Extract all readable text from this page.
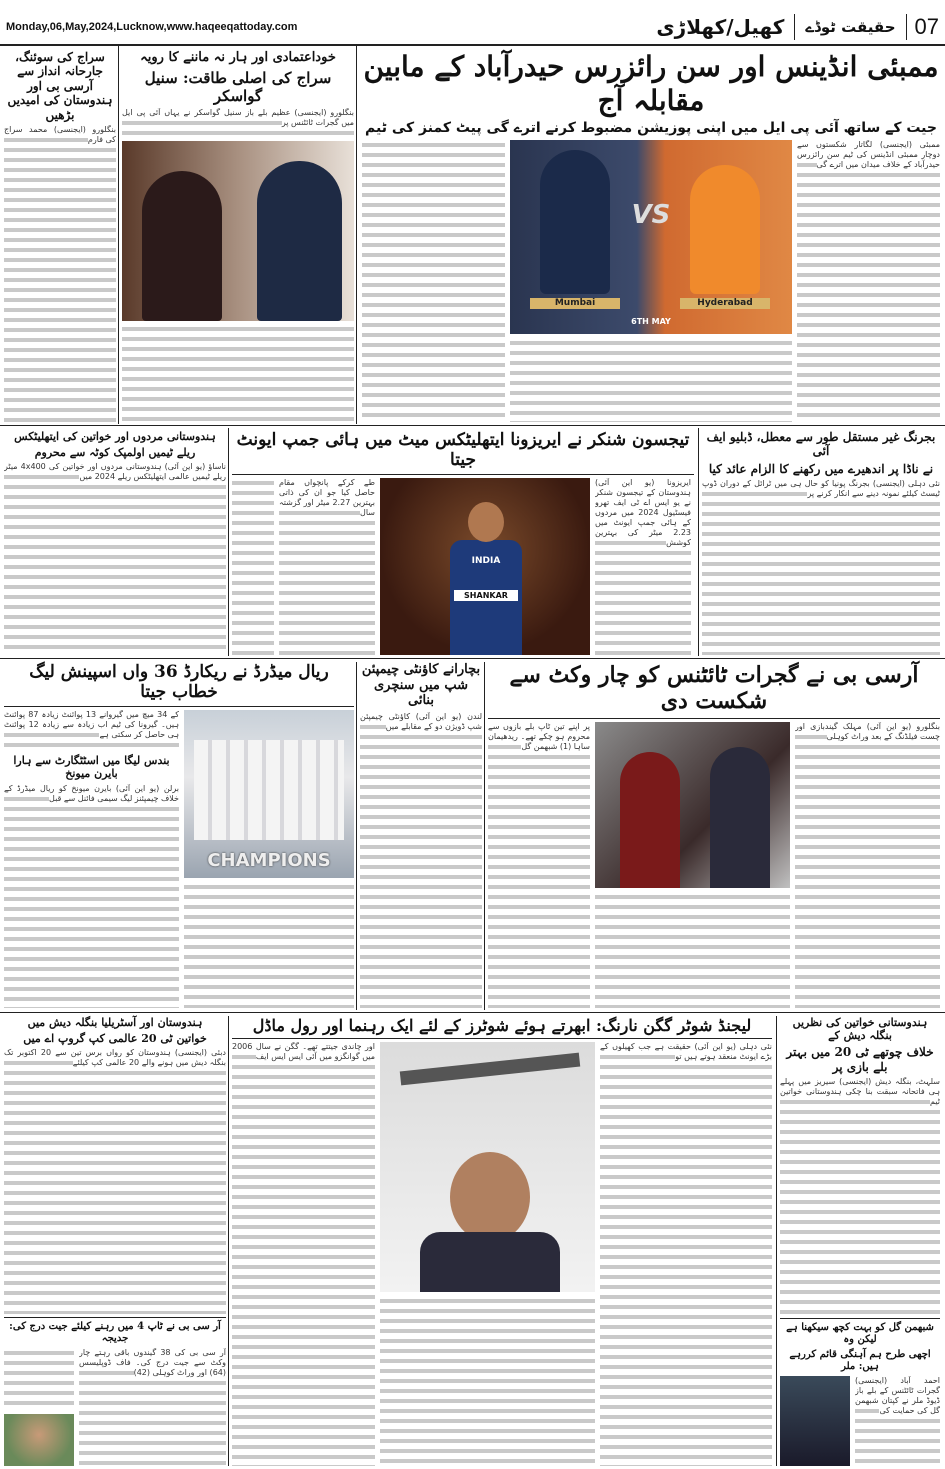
Monday,06,May,2024,Lucknow,www.haqeeqattoday.com	کھیل/کھلاڑی	حقیقت ٹوڈے 07
ممبئی انڈینس اور سن رائزرس حیدرآباد کے مابین مقابلہ آج
جیت کے ساتھ آئی پی ایل میں اپنی پوزیشن مضبوط کرنے اترے گی پیٹ کمنز کی ٹیم
VS
Mumbai	Hyderabad
6TH MAY
ممبئی (ایجنسی) لگاتار شکستوں سے دوچار ممبئی انڈینس کی ٹیم سن رائزرس حیدرآباد کے خلاف میدان میں اترے گی
خوداعتمادی اور ہار نہ ماننے کا رویہ
سراج کی اصلی طاقت: سنیل گواسکر
بنگلورو (ایجنسی) عظیم بلے باز سنیل گواسکر نے یہاں آئی پی ایل میں گجرات ٹائٹنس پر
سراج کی سوئنگ، جارحانہ انداز سے آرسی بی اور ہندوستان کی امیدیں بڑھیں
بنگلورو (ایجنسی) محمد سراج کی فارم
بجرنگ غیر مستقل طور سے معطل، ڈبلیو ایف آئی
نے ناڈا پر اندھیرے میں رکھنے کا الزام عائد کیا
نئی دہلی (ایجنسی) بجرنگ پونیا کو حال ہی میں ٹرائل کے دوران ڈوپ ٹیسٹ کیلئے نمونہ دینے سے انکار کرنے پر
تیجسون شنکر نے ایریزونا ایتھلیٹکس میٹ میں ہائی جمپ ایونٹ جیتا
طے کرکے پانچواں مقام حاصل کیا جو ان کی ذاتی بہترین 2.27 میٹر اور گزشتہ سال
INDIA
SHANKAR
ایریزونا (یو این آئی) ہندوستان کے تیجسون شنکر نے یو ایس اے ٹی ایف تھرو فیسٹیول 2024 میں مردوں کے ہائی جمپ ایونٹ میں 2.23 میٹر کی بہترین کوشش
ہندوستانی مردوں اور خواتین کی ایتھلیٹکس
ریلے ٹیمیں اولمپک کوٹہ سے محروم
ناساؤ (یو این آئی) ہندوستانی مردوں اور خواتین کی 4x400 میٹر ریلے ٹیمیں عالمی ایتھلیٹکس ریلے 2024 میں
آرسی بی نے گجرات ٹائٹنس کو چار وکٹ سے شکست دی
پر اپنے تین ٹاپ بلے بازوں سے محروم ہو چکے تھے۔ ریدھیمان ساہا (1) شبھمن گل
بنگلورو (یو این آئی) مہلک گیندبازی اور چست فیلڈنگ کے بعد وراٹ کوہلی
بچارانے کاؤنٹی چیمپئن شپ میں سنچری بنائی
لندن (یو این آئی) کاؤنٹی چیمپئن شپ ڈویژن دو کے مقابلے میں
ریال میڈرڈ نے ریکارڈ 36 واں اسپینش لیگ خطاب جیتا
کے 34 میچ میں گیروانے 13 پوائنٹ زیادہ 87 پوائنٹ ہیں۔ گیرونا کی ٹیم اب زیادہ سے زیادہ 12 پوائنٹ ہی حاصل کر سکتی ہے
بندس لیگا میں اسٹٹگارٹ سے ہارا بایرن میونخ
برلن (یو این آئی) بایرن میونخ کو ریال میڈرڈ کے خلاف چیمپئنز لیگ سیمی فائنل سے قبل
CHAMPIONS
ہندوستانی خواتین کی نظریں بنگلہ دیش کے
خلاف چوتھے ٹی 20 میں بہتر بلے بازی پر
سلہٹ، بنگلہ دیش (ایجنسی) سیریز میں پہلے ہی فاتحانہ سبقت بنا چکی ہندوستانی خواتین ٹیم
شبھمن گل کو بہت کچھ سیکھنا ہے لیکن وہ
اچھی طرح ہم آہنگی قائم کررہے ہیں: ملر
احمد آباد (ایجنسی) گجرات ٹائٹنس کے بلے باز ڈیوڈ ملر نے کپتان شبھمن گل کی حمایت کی
لیجنڈ شوٹر گگن نارنگ: ابھرتے ہوئے شوٹرز کے لئے ایک رہنما اور رول ماڈل
اور چاندی جیتتے تھے۔ گگن نے سال 2006 میں گوانگزو میں آئی ایس ایس ایف
نئی دہلی (یو این آئی) حقیقت ہے جب کھیلوں کے بڑے ایونٹ منعقد ہوتے ہیں تو
ہندوستان اور آسٹریلیا بنگلہ دیش میں
خواتین ٹی 20 عالمی کپ گروپ اے میں
دبئی (ایجنسی) ہندوستان کو رواں برس تین سے 20 اکتوبر تک بنگلہ دیش میں ہونے والے 20 عالمی کپ کیلئے
آر سی بی نے ٹاپ 4 میں رہنے کیلئے جیت درج کی: جدیجہ
آر سی بی کی 38 گیندوں باقی رہتے چار وکٹ سے جیت درج کی۔ فاف ڈوپلیسس (64) اور وراٹ کوہلی (42)
